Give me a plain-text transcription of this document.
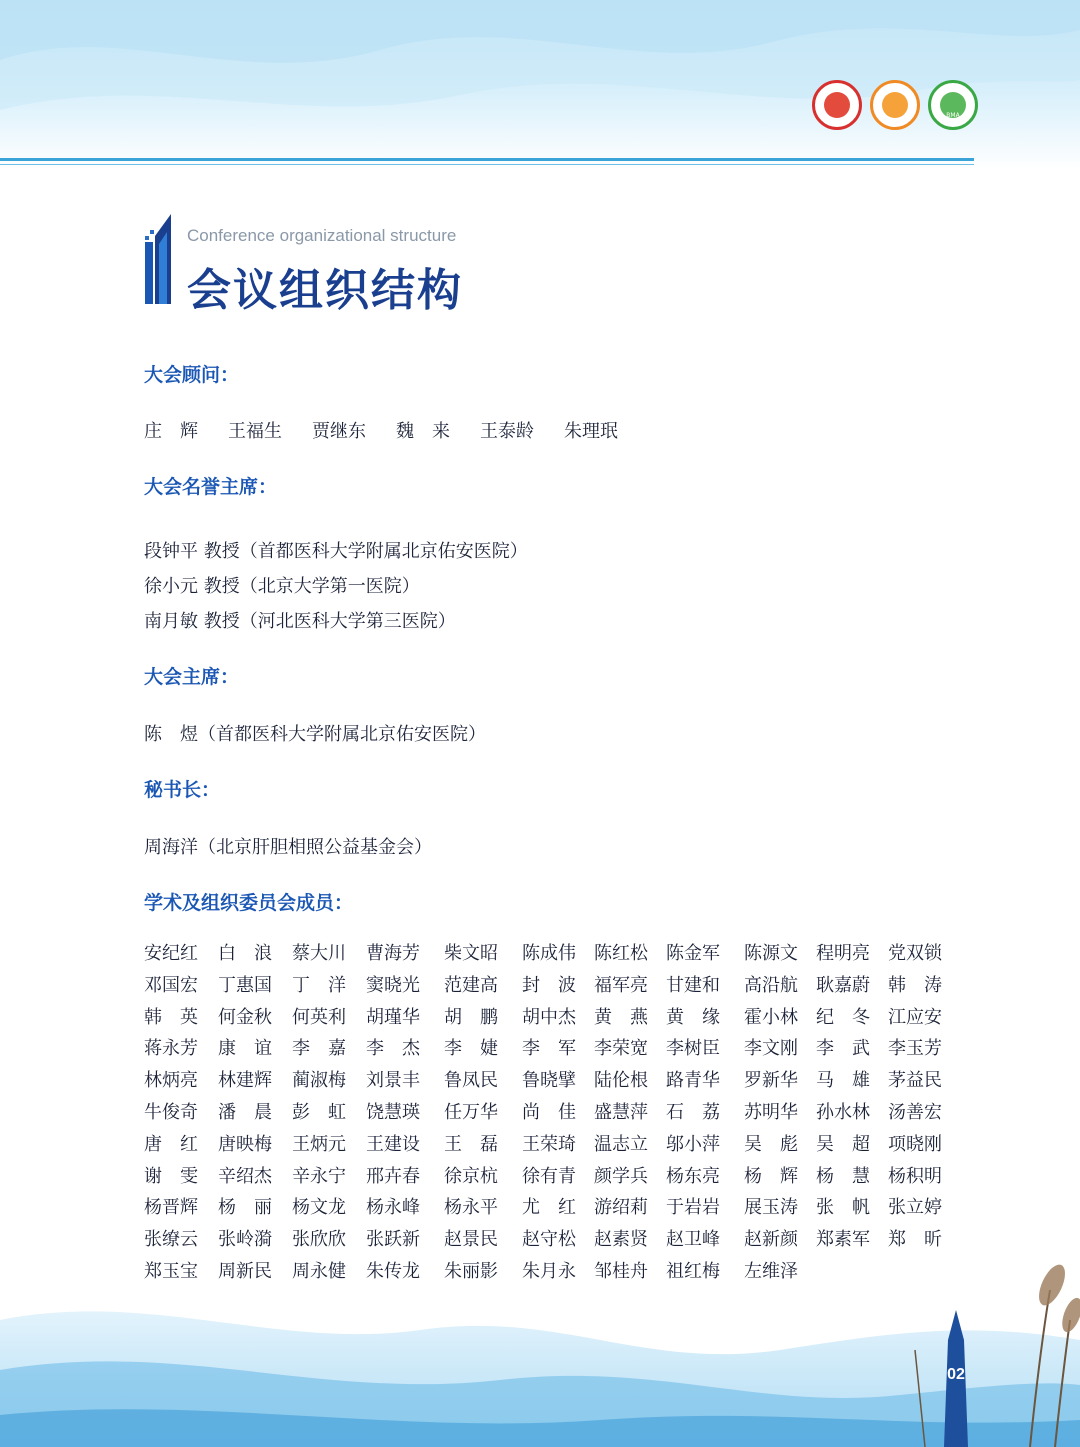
BMA
Conference organizational structure
会议组织结构
大会顾问：
庄　辉 王福生 贾继东 魏　来 王泰龄 朱理珉
大会名誉主席：
段钟平 教授（首都医科大学附属北京佑安医院）
徐小元 教授（北京大学第一医院）
南月敏 教授（河北医科大学第三医院）
大会主席：
陈　煜（首都医科大学附属北京佑安医院）
秘书长：
周海洋（北京肝胆相照公益基金会）
学术及组织委员会成员：
安纪红	白　浪	蔡大川	曹海芳	柴文昭	陈成伟	陈红松	陈金军	陈源文	程明亮	党双锁
邓国宏	丁惠国	丁　洋	窦晓光	范建高	封　波	福军亮	甘建和	高沿航	耿嘉蔚	韩　涛
韩　英	何金秋	何英利	胡瑾华	胡　鹏	胡中杰	黄　燕	黄　缘	霍小林	纪　冬	江应安
蒋永芳	康　谊	李　嘉	李　杰	李　婕	李　军	李荣宽	李树臣	李文刚	李　武	李玉芳
林炳亮	林建辉	蔺淑梅	刘景丰	鲁凤民	鲁晓擘	陆伦根	路青华	罗新华	马　雄	茅益民
牛俊奇	潘　晨	彭　虹	饶慧瑛	任万华	尚　佳	盛慧萍	石　荔	苏明华	孙水林	汤善宏
唐　红	唐映梅	王炳元	王建设	王　磊	王荣琦	温志立	邬小萍	吴　彪	吴　超	项晓刚
谢　雯	辛绍杰	辛永宁	邢卉春	徐京杭	徐有青	颜学兵	杨东亮	杨　辉	杨　慧	杨积明
杨晋辉	杨　丽	杨文龙	杨永峰	杨永平	尤　红	游绍莉	于岩岩	展玉涛	张　帆	张立婷
张缭云	张岭漪	张欣欣	张跃新	赵景民	赵守松	赵素贤	赵卫峰	赵新颜	郑素军	郑　昕
郑玉宝	周新民	周永健	朱传龙	朱丽影	朱月永	邹桂舟	祖红梅	左维泽
02
